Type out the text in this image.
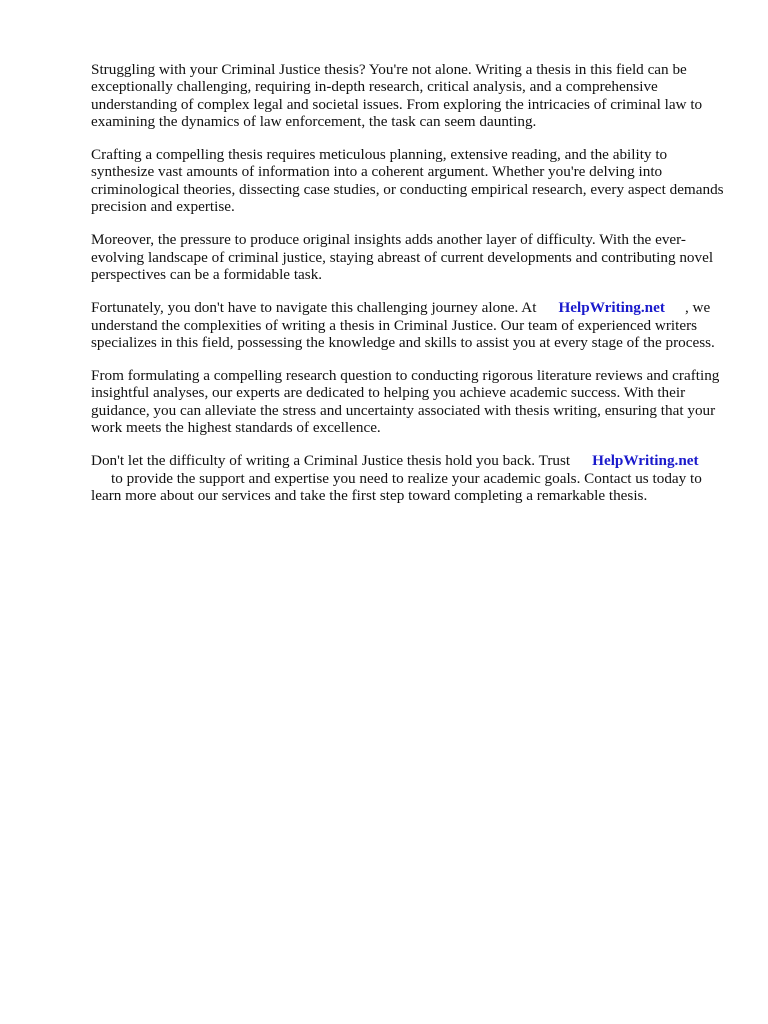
Struggling with your Criminal Justice thesis? You're not alone. Writing a thesis in this field can be exceptionally challenging, requiring in-depth research, critical analysis, and a comprehensive understanding of complex legal and societal issues. From exploring the intricacies of criminal law to examining the dynamics of law enforcement, the task can seem daunting.

Crafting a compelling thesis requires meticulous planning, extensive reading, and the ability to synthesize vast amounts of information into a coherent argument. Whether you're delving into criminological theories, dissecting case studies, or conducting empirical research, every aspect demands precision and expertise.

Moreover, the pressure to produce original insights adds another layer of difficulty. With the ever-evolving landscape of criminal justice, staying abreast of current developments and contributing novel perspectives can be a formidable task.

Fortunately, you don't have to navigate this challenging journey alone. At HelpWriting.net , we understand the complexities of writing a thesis in Criminal Justice. Our team of experienced writers specializes in this field, possessing the knowledge and skills to assist you at every stage of the process.

From formulating a compelling research question to conducting rigorous literature reviews and crafting insightful analyses, our experts are dedicated to helping you achieve academic success. With their guidance, you can alleviate the stress and uncertainty associated with thesis writing, ensuring that your work meets the highest standards of excellence.

Don't let the difficulty of writing a Criminal Justice thesis hold you back. Trust HelpWriting.net
to provide the support and expertise you need to realize your academic goals. Contact us today to learn more about our services and take the first step toward completing a remarkable thesis.
